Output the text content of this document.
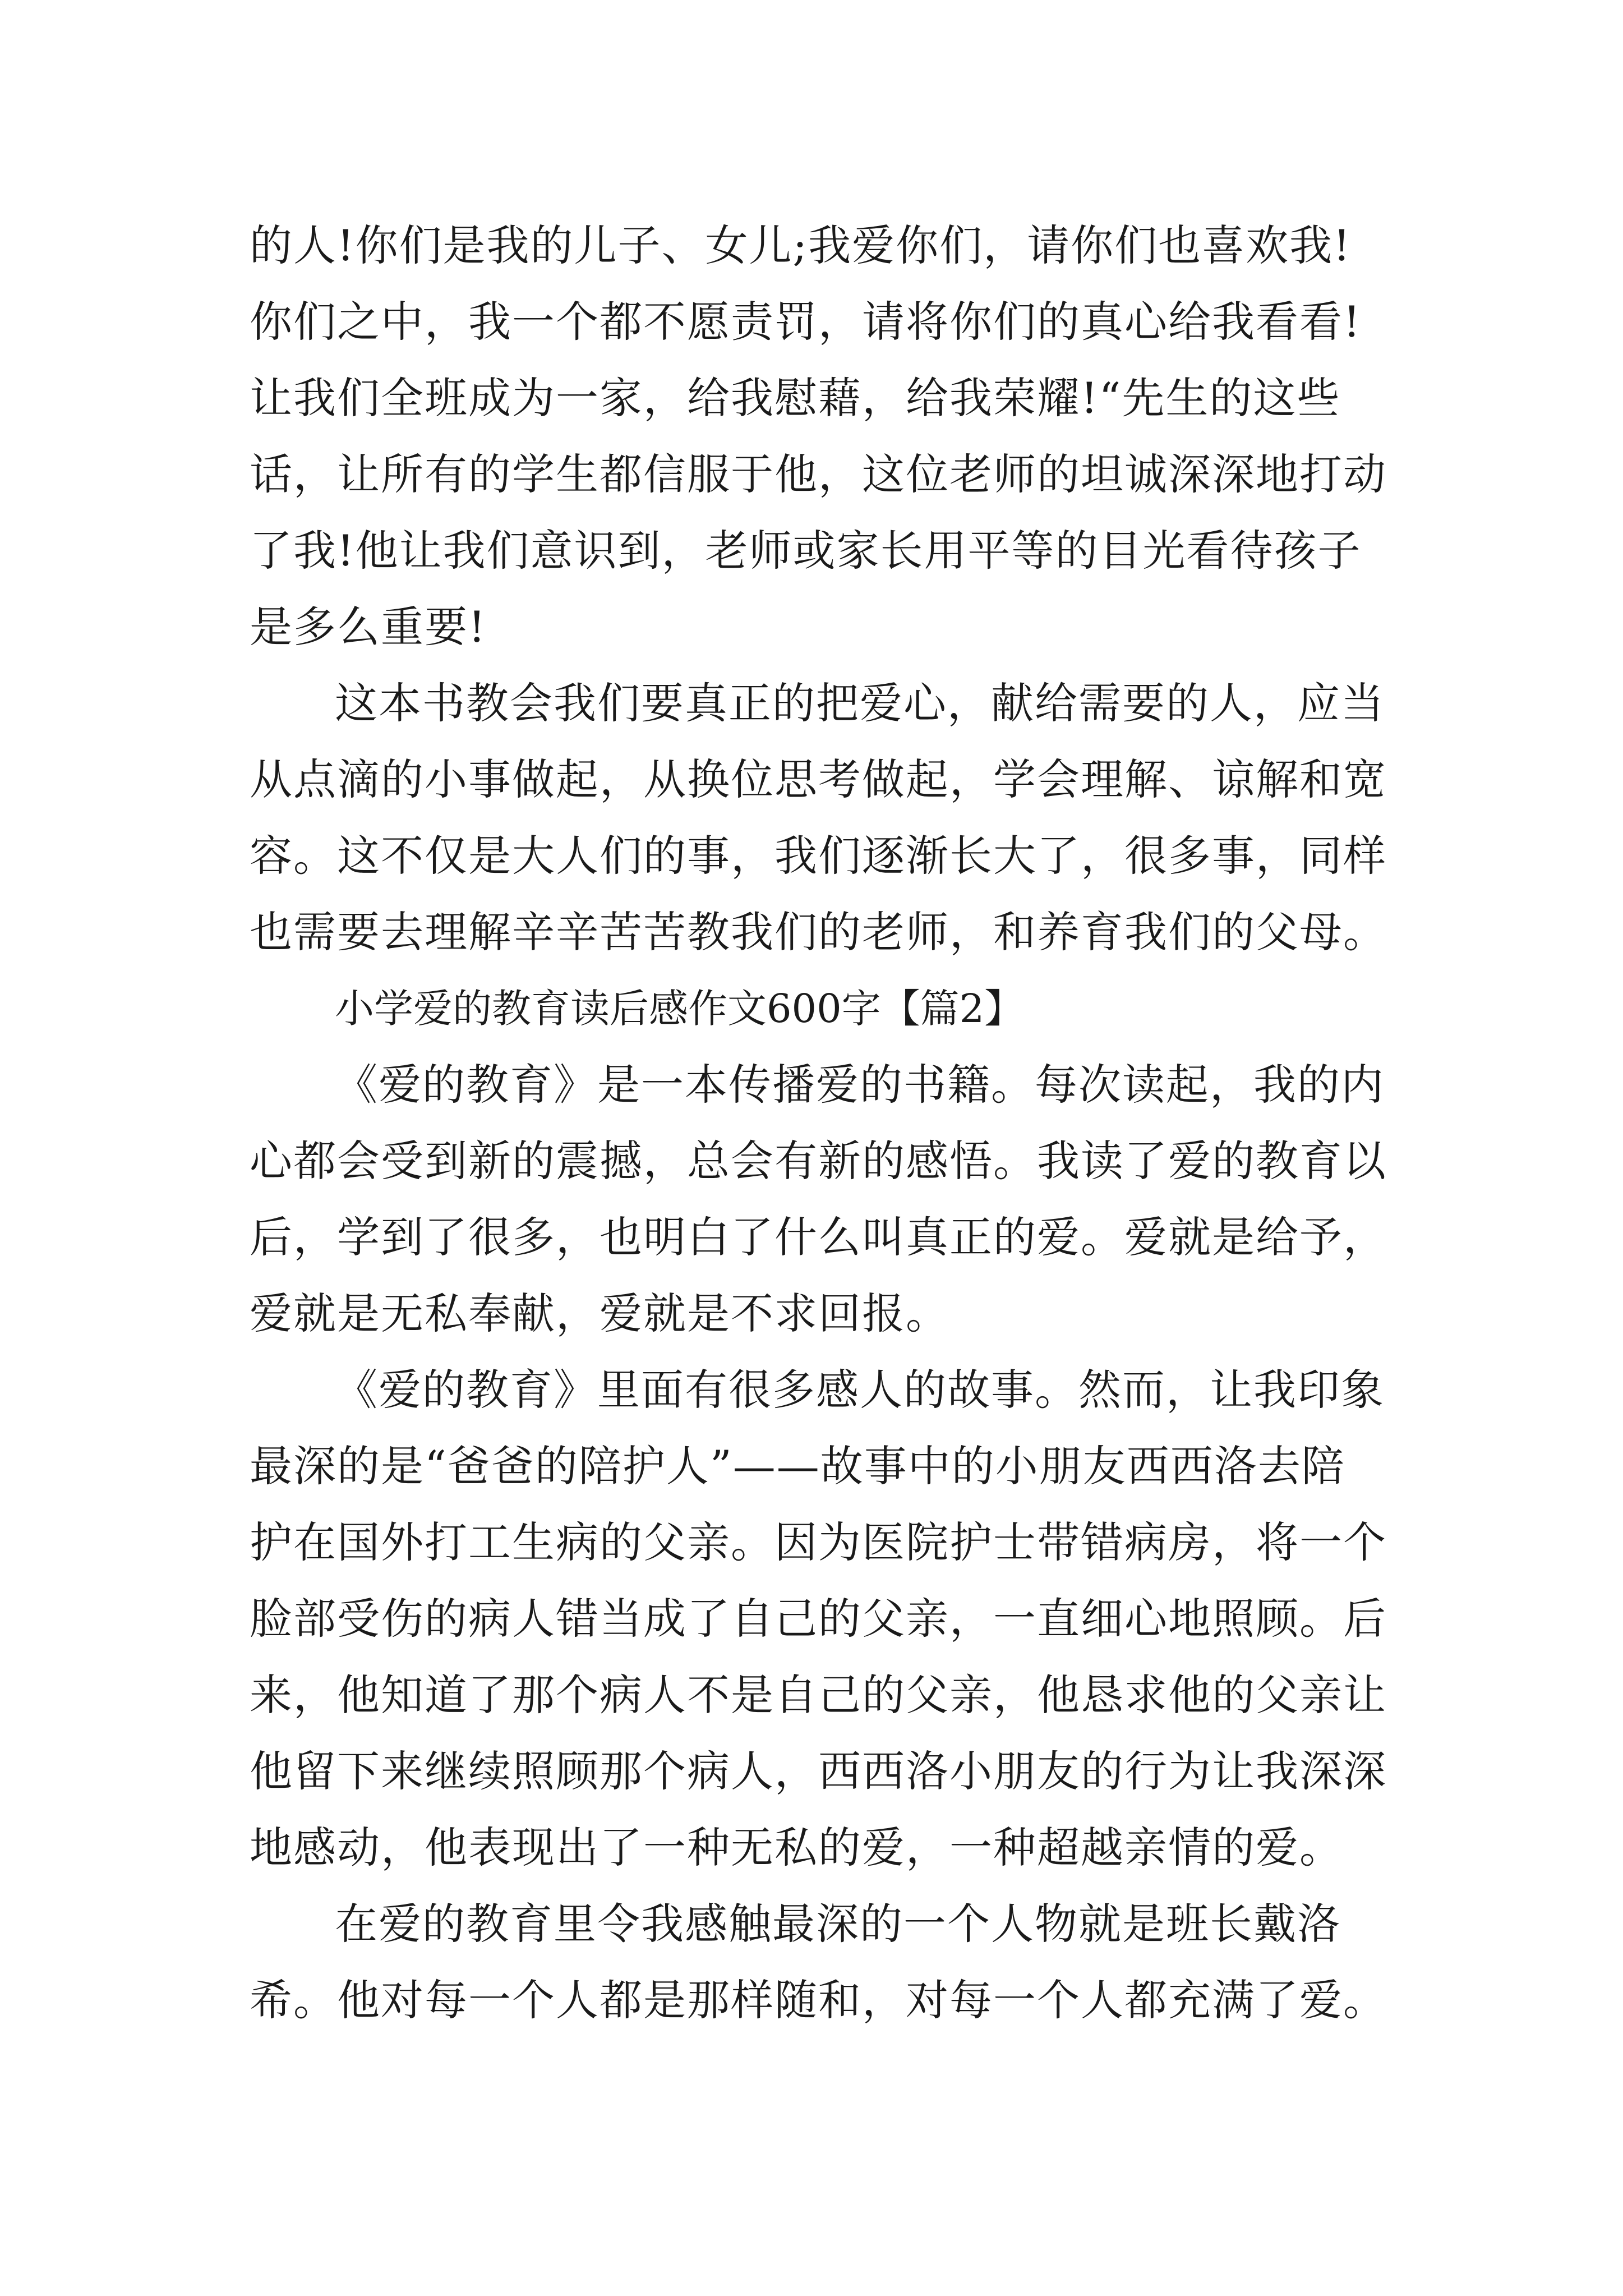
的人!你们是我的儿子、女儿;我爱你们，请你们也喜欢我!
你们之中，我一个都不愿责罚，请将你们的真心给我看看!
让我们全班成为一家，给我慰藉，给我荣耀!“先生的这些
话，让所有的学生都信服于他，这位老师的坦诚深深地打动
了我!他让我们意识到，老师或家长用平等的目光看待孩子
是多么重要!
这本书教会我们要真正的把爱心，献给需要的人，应当
从点滴的小事做起，从换位思考做起，学会理解、谅解和宽
容。这不仅是大人们的事，我们逐渐长大了，很多事，同样
也需要去理解辛辛苦苦教我们的老师，和养育我们的父母。
小学爱的教育读后感作文600字【篇2】
《爱的教育》是一本传播爱的书籍。每次读起，我的内
心都会受到新的震撼，总会有新的感悟。我读了爱的教育以
后，学到了很多，也明白了什么叫真正的爱。爱就是给予，
爱就是无私奉献，爱就是不求回报。
《爱的教育》里面有很多感人的故事。然而，让我印象
最深的是“爸爸的陪护人”——故事中的小朋友西西洛去陪
护在国外打工生病的父亲。因为医院护士带错病房，将一个
脸部受伤的病人错当成了自己的父亲，一直细心地照顾。后
来，他知道了那个病人不是自己的父亲，他恳求他的父亲让
他留下来继续照顾那个病人，西西洛小朋友的行为让我深深
地感动，他表现出了一种无私的爱，一种超越亲情的爱。
在爱的教育里令我感触最深的一个人物就是班长戴洛
希。他对每一个人都是那样随和，对每一个人都充满了爱。
